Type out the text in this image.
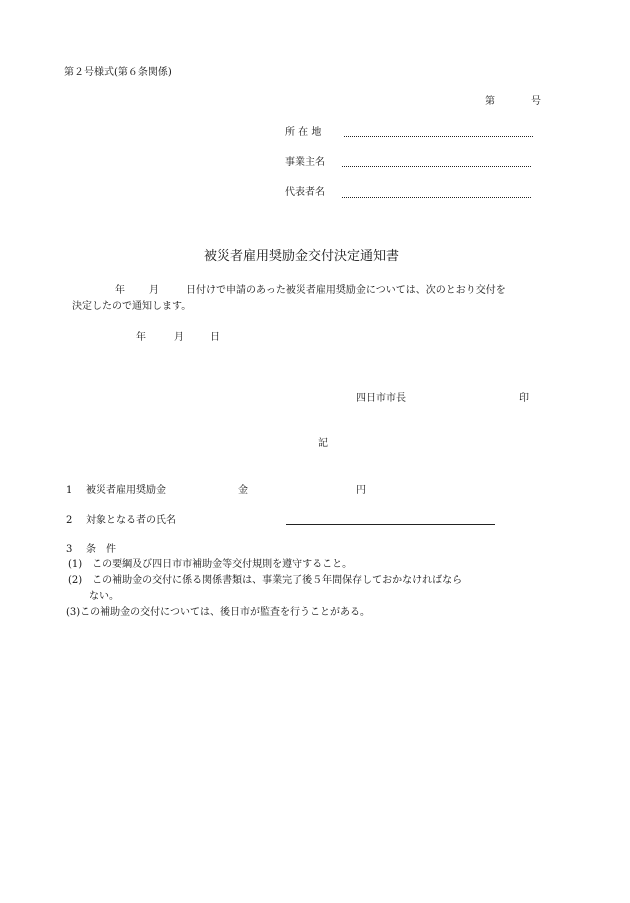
第２号様式(第６条関係)
第	号
所 在 地
事業主名
代表者名
被災者雇用奨励金交付決定通知書
年 月	日付けで申請のあった被災者雇用奨励金については、次のとおり交付を
決定したので通知します。
年	月	日
四日市市長	印
記
1 被災者雇用奨励金	金	円
2 対象となる者の氏名
3 条　件
(1)　この要綱及び四日市市補助金等交付規則を遵守すること。
(2)　この補助金の交付に係る関係書類は、事業完了後５年間保存しておかなければなら
ない。
(3)この補助金の交付については、後日市が監査を行うことがある。
